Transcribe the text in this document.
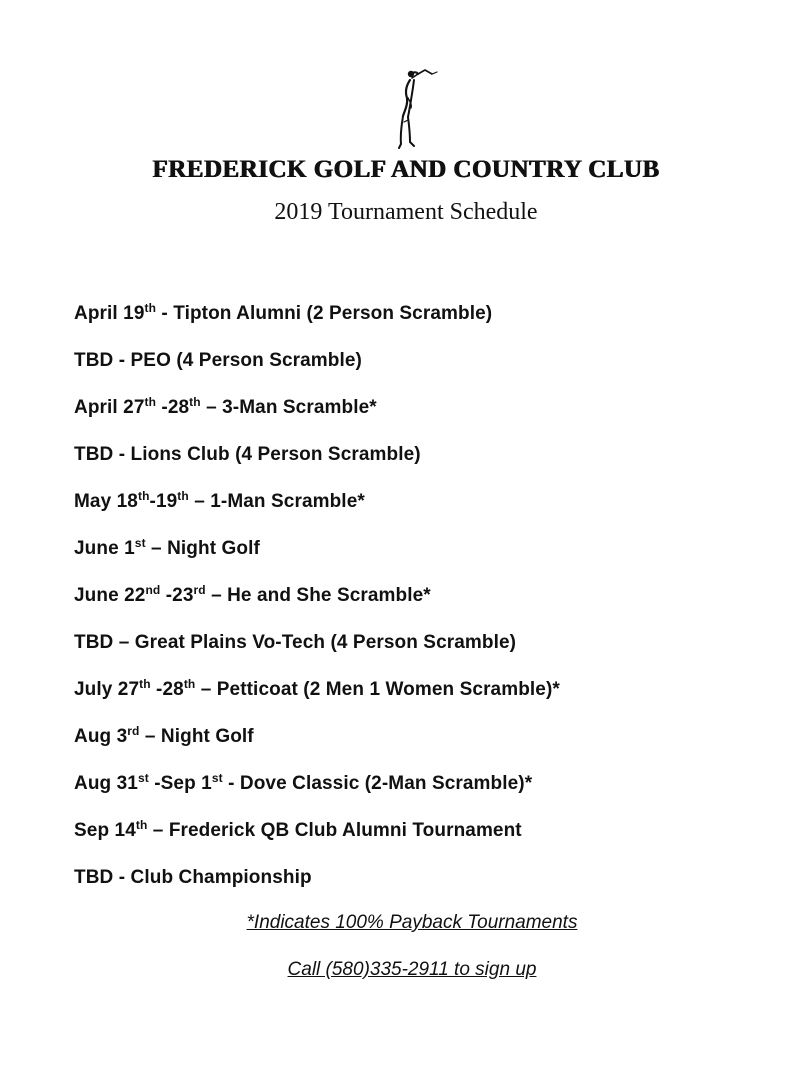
FREDERICK GOLF AND COUNTRY CLUB
2019 Tournament Schedule
April 19th - Tipton Alumni (2 Person Scramble)
TBD - PEO (4 Person Scramble)
April 27th -28th – 3-Man Scramble*
TBD - Lions Club (4 Person Scramble)
May 18th-19th – 1-Man Scramble*
June 1st – Night Golf
June 22nd -23rd – He and She Scramble*
TBD – Great Plains Vo-Tech (4 Person Scramble)
July 27th -28th – Petticoat (2 Men 1 Women Scramble)*
Aug 3rd – Night Golf
Aug 31st -Sep 1st - Dove Classic (2-Man Scramble)*
Sep 14th – Frederick QB Club Alumni Tournament
TBD - Club Championship
*Indicates 100% Payback Tournaments
Call (580)335-2911 to sign up
